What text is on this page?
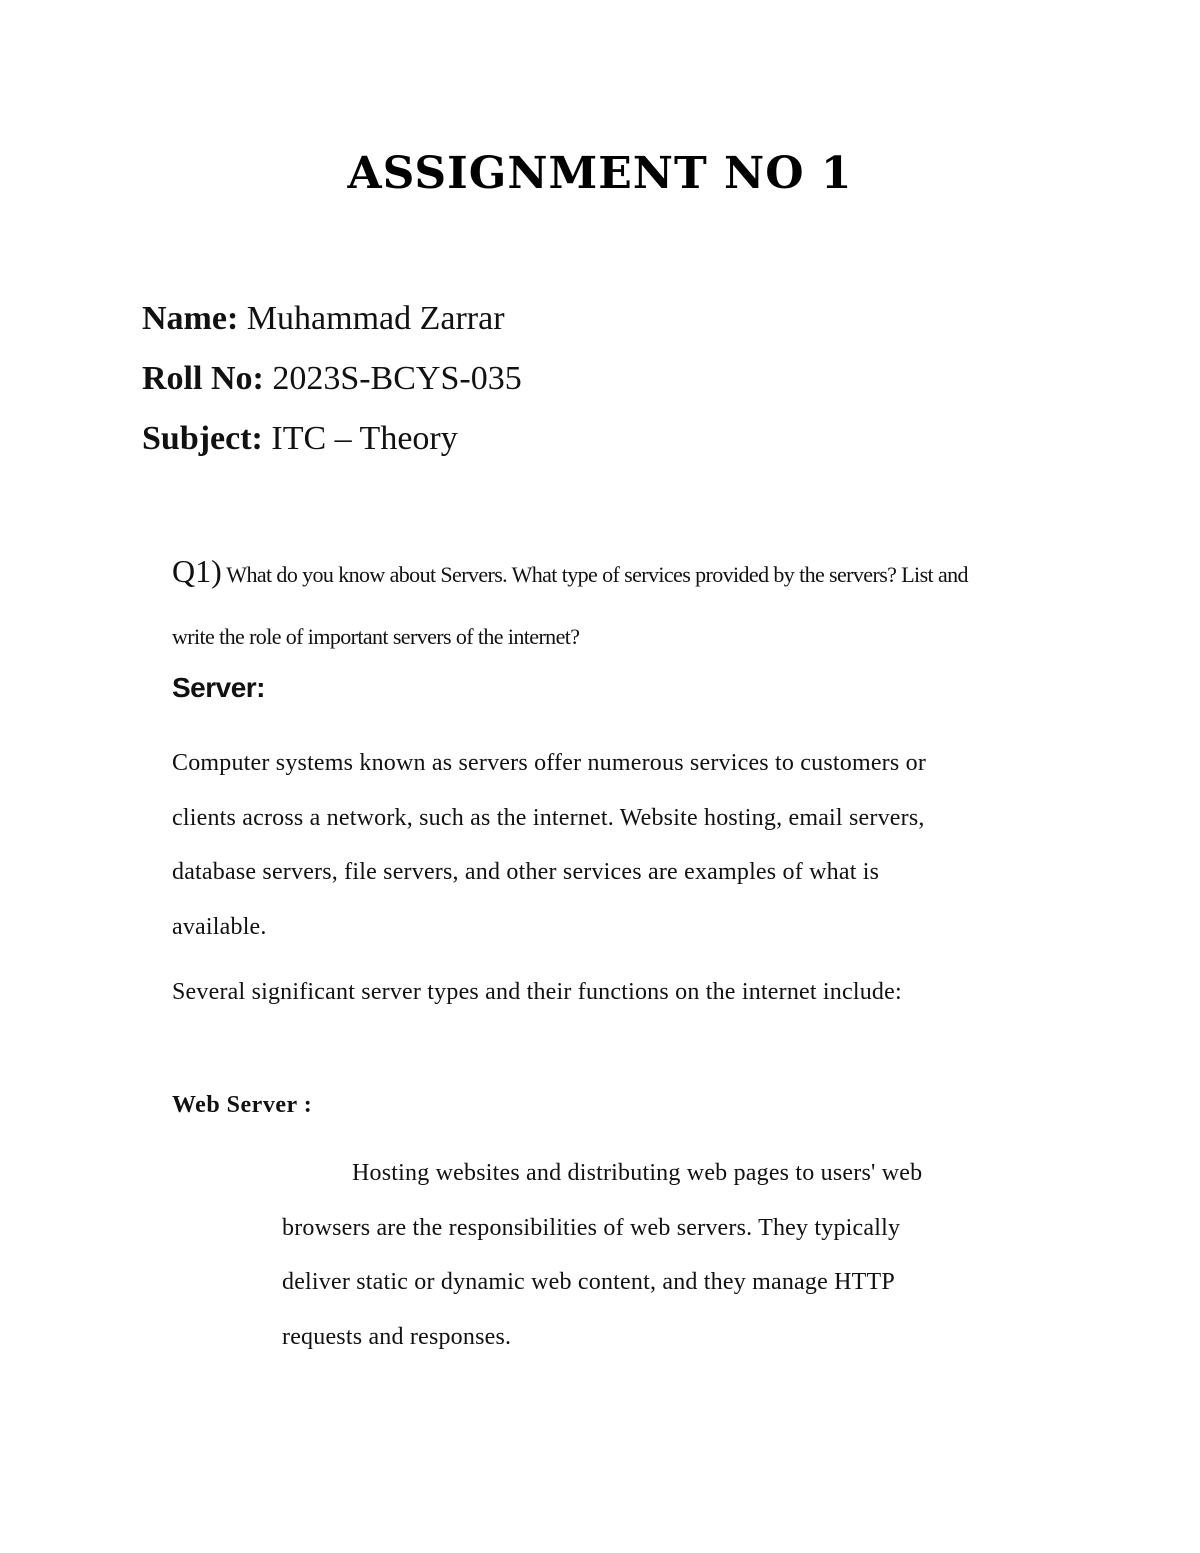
ASSIGNMENT NO 1
Name: Muhammad Zarrar
Roll No: 2023S-BCYS-035
Subject: ITC – Theory
Q1) What do you know about Servers. What type of services provided by the servers? List and write the role of important servers of the internet?
Server:

Computer systems known as servers offer numerous services to customers or clients across a network, such as the internet. Website hosting, email servers, database servers, file servers, and other services are examples of what is available.

Several significant server types and their functions on the internet include:

Web Server :

Hosting websites and distributing web pages to users' web browsers are the responsibilities of web servers. They typically deliver static or dynamic web content, and they manage HTTP requests and responses.
